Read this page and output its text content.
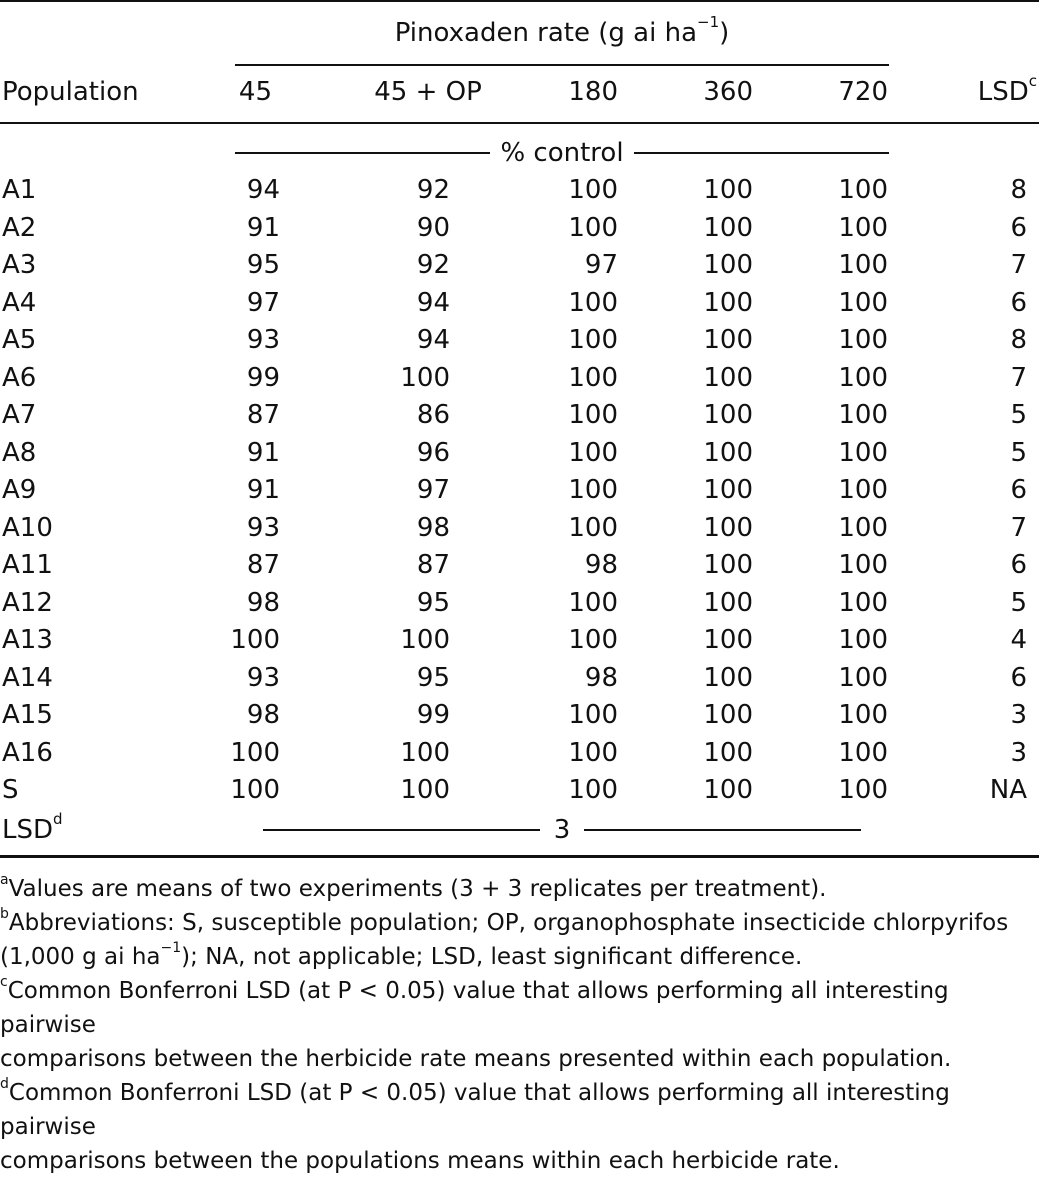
Pinoxaden rate (g ai $ha^{-1}$)
Population	45	45 + OP	180	360	720	LSD$^c$
% control
A1	94	92	100	100	100	8
A2	91	90	100	100	100	6
A3	95	92	97	100	100	7
A4	97	94	100	100	100	6
A5	93	94	100	100	100	8
A6	99	100	100	100	100	7
A7	87	86	100	100	100	5
A8	91	96	100	100	100	5
A9	91	97	100	100	100	6
A10	93	98	100	100	100	7
A11	87	87	98	100	100	6
A12	98	95	100	100	100	5
A13	100	100	100	100	100	4
A14	93	95	98	100	100	6
A15	98	99	100	100	100	3
A16	100	100	100	100	100	3
S	100	100	100	100	100	NA
LSD$^d$	3
$^a$Values are means of two experiments (3 + 3 replicates per treatment).
$^b$Abbreviations: S, susceptible population; OP, organophosphate insecticide chlorpyrifos
(1,000 g ai $ha^{-1}$); NA, not applicable; LSD, least significant difference.
$^c$Common Bonferroni LSD (at P < 0.05) value that allows performing all interesting pairwise
comparisons between the herbicide rate means presented within each population.
$^d$Common Bonferroni LSD (at P < 0.05) value that allows performing all interesting pairwise
comparisons between the populations means within each herbicide rate.
